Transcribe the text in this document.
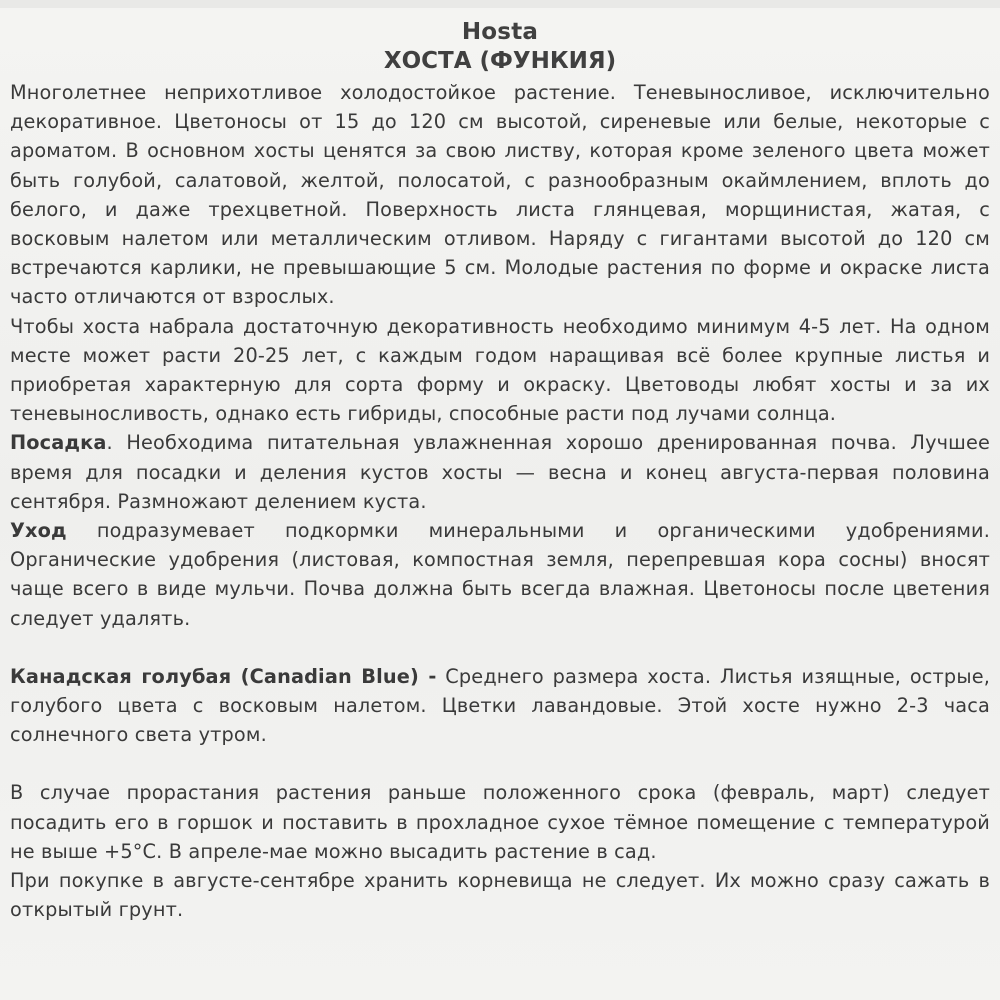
Hosta
ХОСТА (ФУНКИЯ)

Многолетнее неприхотливое холодостойкое растение. Теневыносливое, исключительно декоративное. Цветоносы от 15 до 120 см высотой, сиреневые или белые, некоторые с ароматом. В основном хосты ценятся за свою листву, которая кроме зеленого цвета может быть голубой, салатовой, желтой, полосатой, с разнообразным окаймлением, вплоть до белого, и даже трехцветной. Поверхность листа глянцевая, морщинистая, жатая, с восковым налетом или металлическим отливом. Наряду с гигантами высотой до 120 см встречаются карлики, не превышающие 5 см. Молодые растения по форме и окраске листа часто отличаются от взрослых.

Чтобы хоста набрала достаточную декоративность необходимо минимум 4-5 лет. На одном месте может расти 20-25 лет, с каждым годом наращивая всё более крупные листья и приобретая характерную для сорта форму и окраску. Цветоводы любят хосты и за их теневыносливость, однако есть гибриды, способные расти под лучами солнца.

Посадка. Необходима питательная увлажненная хорошо дренированная почва. Лучшее время для посадки и деления кустов хосты — весна и конец августа-первая половина сентября. Размножают делением куста.

Уход подразумевает подкормки минеральными и органическими удобрениями. Органические удобрения (листовая, компостная земля, перепревшая кора сосны) вносят чаще всего в виде мульчи. Почва должна быть всегда влажная. Цветоносы после цветения следует удалять.

Канадская голубая (Canadian Blue) - Среднего размера хоста. Листья изящные, острые, голубого цвета с восковым налетом. Цветки лавандовые. Этой хосте нужно 2-3 часа солнечного света утром.

В случае прорастания растения раньше положенного срока (февраль, март) следует посадить его в горшок и поставить в прохладное сухое тёмное помещение с температурой не выше +5°С. В апреле-мае можно высадить растение в сад.

При покупке в августе-сентябре хранить корневища не следует. Их можно сразу сажать в открытый грунт.
